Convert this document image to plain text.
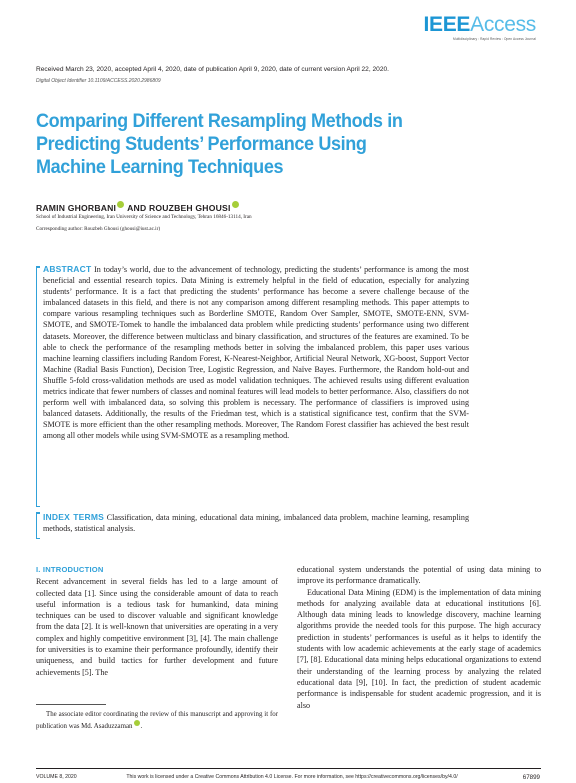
IEEEAccess
Multidisciplinary : Rapid Review : Open Access Journal
Received March 23, 2020, accepted April 4, 2020, date of publication April 9, 2020, date of current version April 22, 2020.
Digital Object Identifier 10.1109/ACCESS.2020.2986809
Comparing Different Resampling Methods in Predicting Students’ Performance Using Machine Learning Techniques
RAMIN GHORBANI AND ROUZBEH GHOUSI
School of Industrial Engineering, Iran University of Science and Technology, Tehran 16846-13114, Iran
Corresponding author: Rouzbeh Ghousi (ghousi@iust.ac.ir)
ABSTRACT In today’s world, due to the advancement of technology, predicting the students’ performance is among the most beneficial and essential research topics. Data Mining is extremely helpful in the field of education, especially for analyzing students’ performance. It is a fact that predicting the students’ performance has become a severe challenge because of the imbalanced datasets in this field, and there is not any comparison among different resampling methods. This paper attempts to compare various resampling techniques such as Borderline SMOTE, Random Over Sampler, SMOTE, SMOTE-ENN, SVM-SMOTE, and SMOTE-Tomek to handle the imbalanced data problem while predicting students’ performance using two different datasets. Moreover, the difference between multiclass and binary classification, and structures of the features are examined. To be able to check the performance of the resampling methods better in solving the imbalanced problem, this paper uses various machine learning classifiers including Random Forest, K-Nearest-Neighbor, Artificial Neural Network, XG-boost, Support Vector Machine (Radial Basis Function), Decision Tree, Logistic Regression, and Naïve Bayes. Furthermore, the Random hold-out and Shuffle 5-fold cross-validation methods are used as model validation techniques. The achieved results using different evaluation metrics indicate that fewer numbers of classes and nominal features will lead models to better performance. Also, classifiers do not perform well with imbalanced data, so solving this problem is necessary. The performance of classifiers is improved using balanced datasets. Additionally, the results of the Friedman test, which is a statistical significance test, confirm that the SVM-SMOTE is more efficient than the other resampling methods. Moreover, The Random Forest classifier has achieved the best result among all other models while using SVM-SMOTE as a resampling method.
INDEX TERMS Classification, data mining, educational data mining, imbalanced data problem, machine learning, resampling methods, statistical analysis.
I. INTRODUCTION
Recent advancement in several fields has led to a large amount of collected data [1]. Since using the considerable amount of data to reach useful information is a tedious task for humankind, data mining techniques can be used to discover valuable and significant knowledge from the data [2]. It is well-known that universities are operating in a very complex and highly competitive environment [3], [4]. The main challenge for universities is to examine their performance profoundly, identify their uniqueness, and build tactics for further development and future achievements [5]. The
educational system understands the potential of using data mining to improve its performance dramatically.
Educational Data Mining (EDM) is the implementation of data mining methods for analyzing available data at educational institutions [6]. Although data mining leads to knowledge discovery, machine learning algorithms provide the needed tools for this purpose. The high accuracy prediction in students’ performances is useful as it helps to identify the students with low academic achievements at the early stage of academics [7], [8]. Educational data mining helps educational organizations to extend their understanding of the learning process by analyzing the related educational data [9], [10]. In fact, the prediction of student academic performance is indispensable for student academic progression, and it is also
The associate editor coordinating the review of this manuscript and approving it for publication was Md. Asaduzzaman .
VOLUME 8, 2020	This work is licensed under a Creative Commons Attribution 4.0 License. For more information, see https://creativecommons.org/licenses/by/4.0/	67899
